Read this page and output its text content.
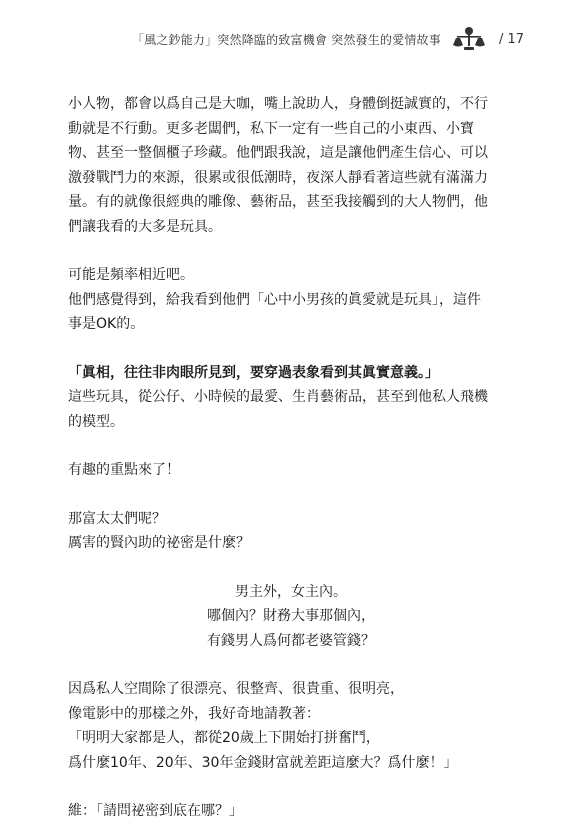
「風之鈔能力」突然降臨的致富機會 突然發生的愛情故事	/ 17

小人物，都會以爲自己是大咖，嘴上說助人，身體倒挺誠實的，不行
動就是不行動。更多老闆們，私下一定有一些自己的小東西、小寶
物、甚至一整個櫃子珍藏。他們跟我說，這是讓他們產生信心、可以
激發戰鬥力的來源，很累或很低潮時，夜深人靜看著這些就有滿滿力
量。有的就像很經典的雕像、藝術品，甚至我接觸到的大人物們，他
們讓我看的大多是玩具。

可能是頻率相近吧。
他們感覺得到，給我看到他們「心中小男孩的眞愛就是玩具」，這件
事是OK的。

「眞相，往往非肉眼所見到，要穿過表象看到其眞實意義。」
這些玩具，從公仔、小時候的最愛、生肖藝術品，甚至到他私人飛機
的模型。

有趣的重點來了！

那富太太們呢？
厲害的賢內助的祕密是什麼？

男主外，女主內。
哪個內？財務大事那個內，
有錢男人爲何都老婆管錢？

因爲私人空間除了很漂亮、很整齊、很貴重、很明亮，
像電影中的那樣之外，我好奇地請教著：
「明明大家都是人，都從20歲上下開始打拼奮鬥，
爲什麼10年、20年、30年金錢財富就差距這麼大？爲什麼！」

維：「請問祕密到底在哪？」
